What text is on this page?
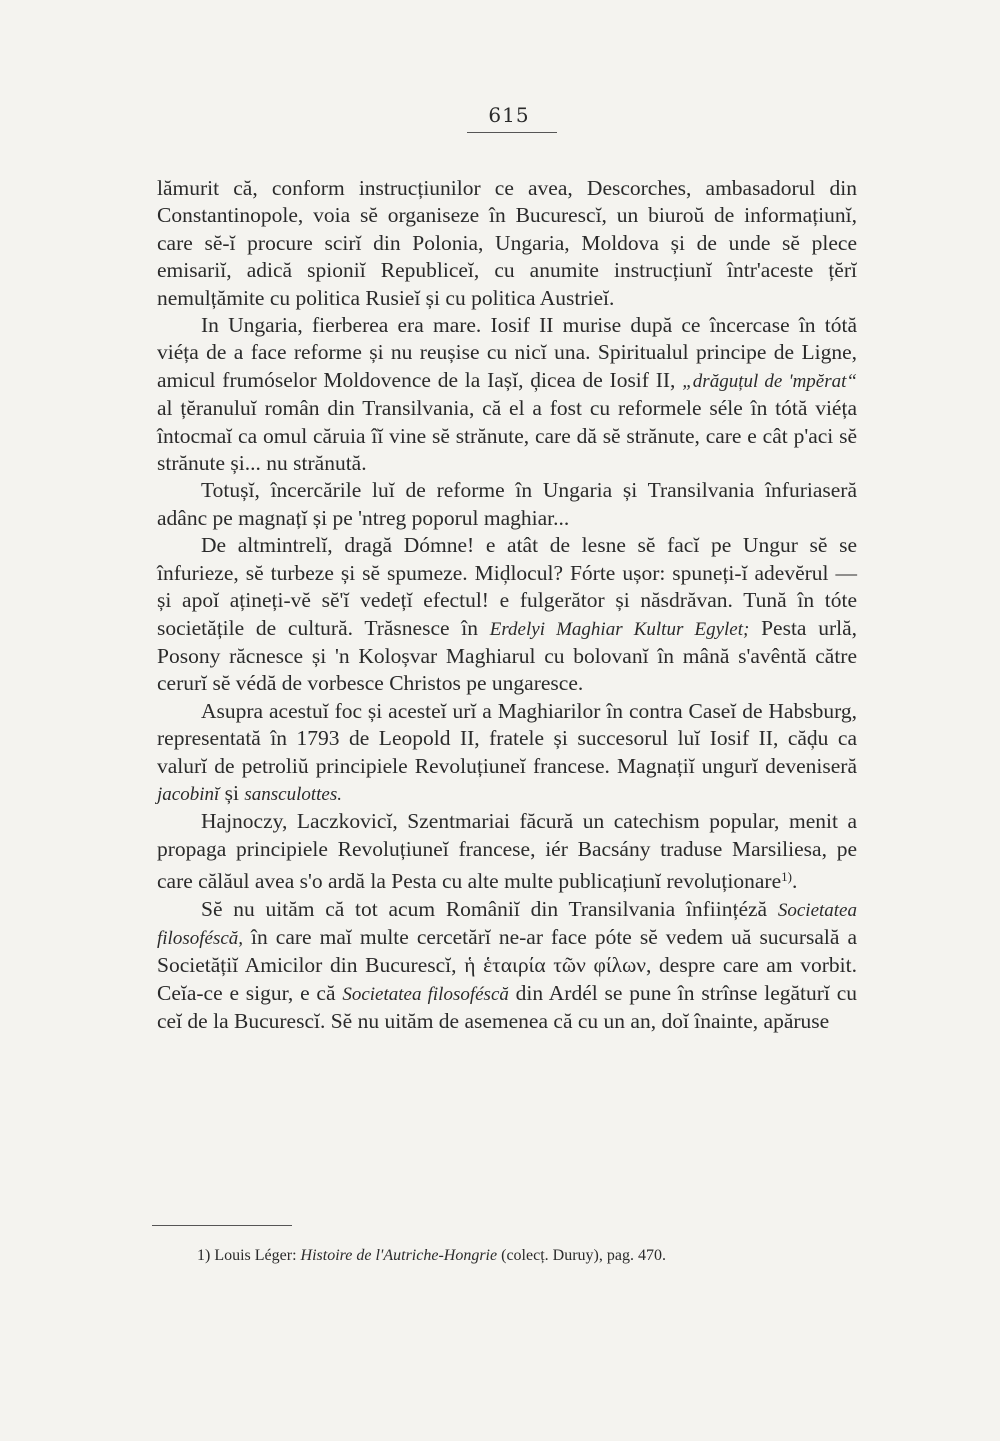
615

lămurit că, conform instrucțiunilor ce avea, Descorches, ambasadorul din Constantinopole, voia sĕ organiseze în Bucurescĭ, un biuroŭ de informațiunĭ, care sĕ-ĭ procure scirĭ din Polonia, Ungaria, Moldova și de unde sĕ plece emisariĭ, adică spioniĭ Republiceĭ, cu anumite instrucțiunĭ într'aceste țĕrĭ nemulțămite cu politica Rusieĭ și cu politica Austrieĭ.

In Ungaria, fierberea era mare. Iosif II murise după ce încercase în tótă viéța de a face reforme și nu reușise cu nicĭ una. Spiritualul principe de Ligne, amicul frumóselor Moldovence de la Iașĭ, ḑicea de Iosif II, „drăguțul de 'mpĕrat“ al țĕranuluĭ român din Transilvania, că el a fost cu reformele séle în tótă viéța întocmaĭ ca omul căruia îĭ vine sĕ strănute, care dă sĕ strănute, care e cât p'aci sĕ strănute și... nu strănută.

Totușĭ, încercările luĭ de reforme în Ungaria și Transilvania înfuriaseră adânc pe magnațĭ și pe 'ntreg poporul maghiar...

De altmintrelĭ, dragă Dómne! e atât de lesne sĕ facĭ pe Ungur sĕ se înfurieze, sĕ turbeze și sĕ spumeze. Miḑlocul? Fórte ușor: spuneți-ĭ adevĕrul — și apoĭ ațineți-vĕ sĕ'ĭ vedețĭ efectul! e fulgerător și năsdrăvan. Tună în tóte societățile de cultură. Trăsnesce în Erdelyi Maghiar Kultur Egylet; Pesta urlă, Posony răcnesce și 'n Koloșvar Maghiarul cu bolovanĭ în mână s'avêntă către cerurĭ sĕ védă de vorbesce Christos pe ungaresce.

Asupra acestuĭ foc și acesteĭ urĭ a Maghiarilor în contra Caseĭ de Habsburg, representată în 1793 de Leopold II, fratele și succesorul luĭ Iosif II, căḑu ca valurĭ de petroliŭ principiele Revoluțiuneĭ francese. Magnațiĭ ungurĭ deveniseră jacobinĭ și sansculottes.

Hajnoczy, Laczkovicĭ, Szentmariai făcură un catechism popular, menit a propaga principiele Revoluțiuneĭ francese, iér Bacsány traduse Marsiliesa, pe care călăul avea s'o ardă la Pesta cu alte multe publicațiunĭ revoluționare$^{1)}$.

Sĕ nu uităm că tot acum Româniĭ din Transilvania înființéză Societatea filosoféscă, în care maĭ multe cercetărĭ ne-ar face póte sĕ vedem uă sucursală a Societățiĭ Amicilor din Bucurescĭ, ἡ ἑταιρία τῶν φίλων, despre care am vorbit. Ceĭa-ce e sigur, e că Societatea filosoféscă din Ardél se pune în strînse legăturĭ cu ceĭ de la Bucurescĭ. Sĕ nu uităm de asemenea că cu un an, doĭ înainte, apăruse

1) Louis Léger: Histoire de l'Autriche-Hongrie (colecț. Duruy), pag. 470.
